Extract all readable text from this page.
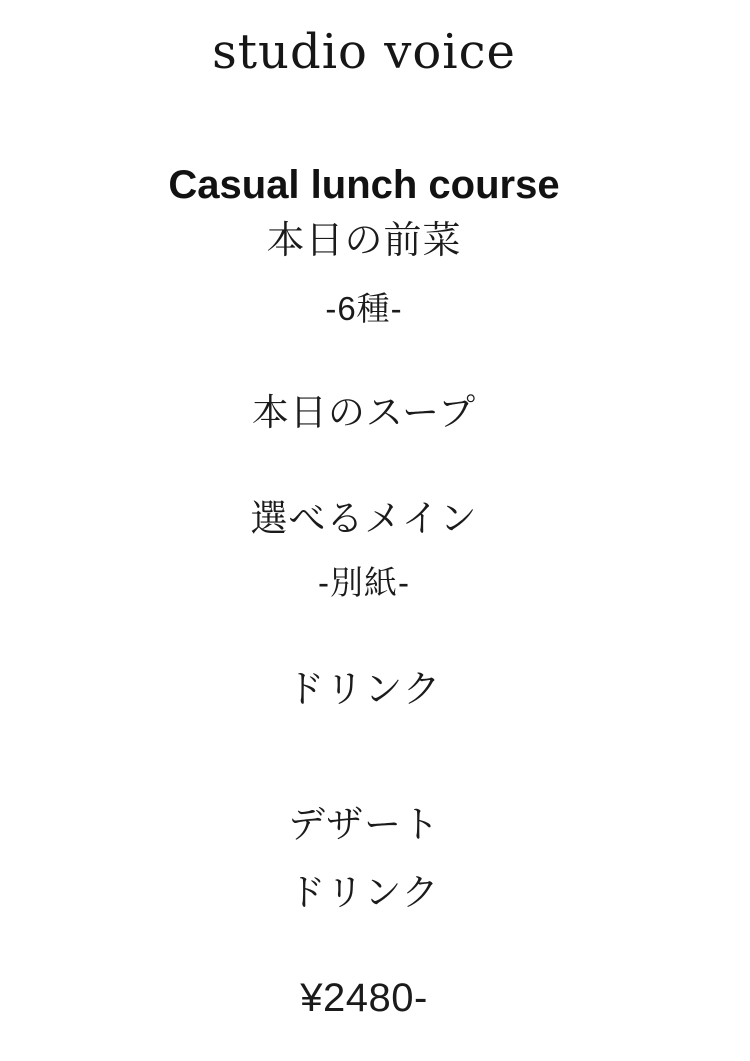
studio voice
Casual lunch course
本日の前菜
-6種-
本日のスープ
選べるメイン
-別紙-
ドリンク
デザート
ドリンク
¥2480-
